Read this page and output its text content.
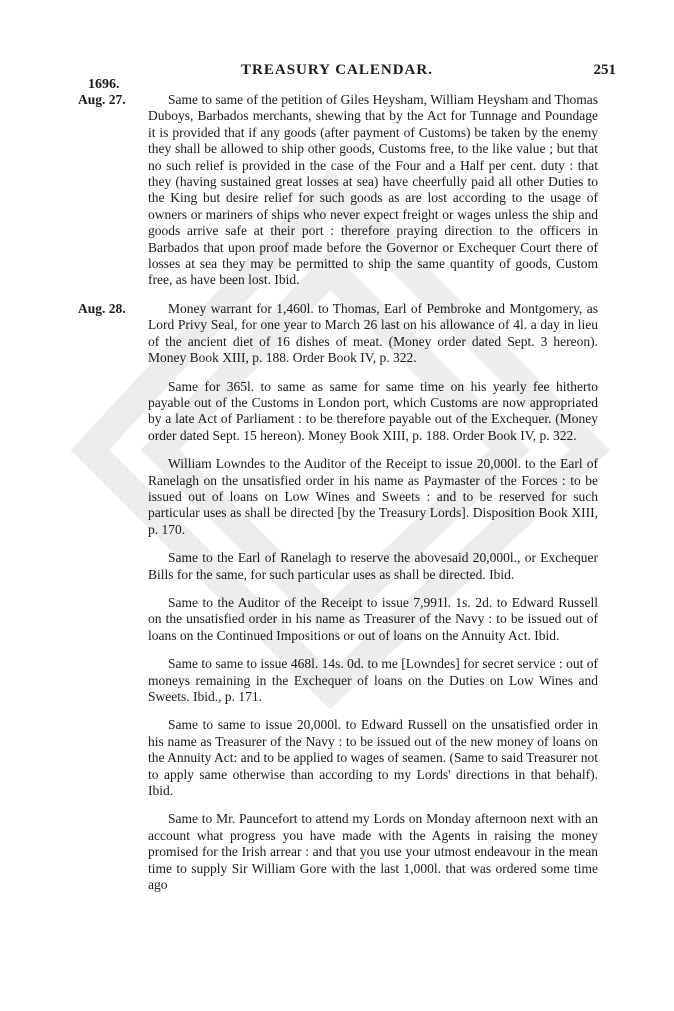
TREASURY CALENDAR.	251
1696.
Aug. 27.	Same to same of the petition of Giles Heysham, William Heysham and Thomas Duboys, Barbados merchants, shewing that by the Act for Tunnage and Poundage it is provided that if any goods (after payment of Customs) be taken by the enemy they shall be allowed to ship other goods, Customs free, to the like value ; but that no such relief is provided in the case of the Four and a Half per cent. duty : that they (having sustained great losses at sea) have cheerfully paid all other Duties to the King but desire relief for such goods as are lost according to the usage of owners or mariners of ships who never expect freight or wages unless the ship and goods arrive safe at their port : therefore praying direction to the officers in Barbados that upon proof made before the Governor or Exchequer Court there of losses at sea they may be permitted to ship the same quantity of goods, Custom free, as have been lost. Ibid.
Aug. 28.	Money warrant for 1,460l. to Thomas, Earl of Pembroke and Montgomery, as Lord Privy Seal, for one year to March 26 last on his allowance of 4l. a day in lieu of the ancient diet of 16 dishes of meat. (Money order dated Sept. 3 hereon). Money Book XIII, p. 188. Order Book IV, p. 322.
Same for 365l. to same as same for same time on his yearly fee hitherto payable out of the Customs in London port, which Customs are now appropriated by a late Act of Parliament : to be therefore payable out of the Exchequer. (Money order dated Sept. 15 hereon). Money Book XIII, p. 188. Order Book IV, p. 322.
William Lowndes to the Auditor of the Receipt to issue 20,000l. to the Earl of Ranelagh on the unsatisfied order in his name as Paymaster of the Forces : to be issued out of loans on Low Wines and Sweets : and to be reserved for such particular uses as shall be directed [by the Treasury Lords]. Disposition Book XIII, p. 170.
Same to the Earl of Ranelagh to reserve the abovesaid 20,000l., or Exchequer Bills for the same, for such particular uses as shall be directed. Ibid.
Same to the Auditor of the Receipt to issue 7,991l. 1s. 2d. to Edward Russell on the unsatisfied order in his name as Treasurer of the Navy : to be issued out of loans on the Continued Impositions or out of loans on the Annuity Act. Ibid.
Same to same to issue 468l. 14s. 0d. to me [Lowndes] for secret service : out of moneys remaining in the Exchequer of loans on the Duties on Low Wines and Sweets. Ibid., p. 171.
Same to same to issue 20,000l. to Edward Russell on the unsatisfied order in his name as Treasurer of the Navy : to be issued out of the new money of loans on the Annuity Act: and to be applied to wages of seamen. (Same to said Treasurer not to apply same otherwise than according to my Lords' directions in that behalf). Ibid.
Same to Mr. Pauncefort to attend my Lords on Monday afternoon next with an account what progress you have made with the Agents in raising the money promised for the Irish arrear : and that you use your utmost endeavour in the mean time to supply Sir William Gore with the last 1,000l. that was ordered some time ago
